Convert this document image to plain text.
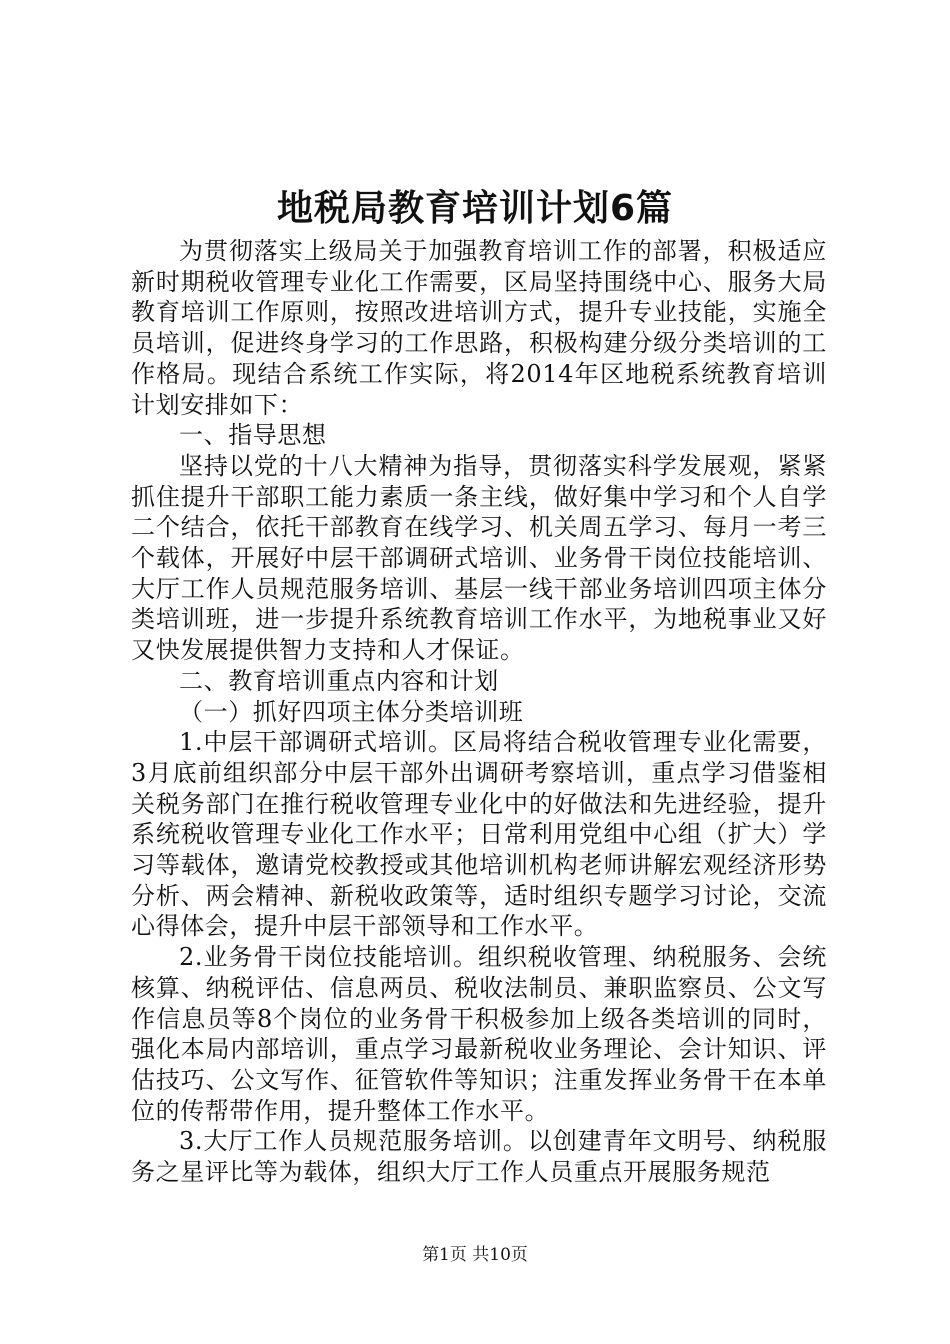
地税局教育培训计划6篇

为贯彻落实上级局关于加强教育培训工作的部署，积极适应新时期税收管理专业化工作需要，区局坚持围绕中心、服务大局教育培训工作原则，按照改进培训方式，提升专业技能，实施全员培训，促进终身学习的工作思路，积极构建分级分类培训的工作格局。现结合系统工作实际，将2014年区地税系统教育培训计划安排如下：

一、指导思想

坚持以党的十八大精神为指导，贯彻落实科学发展观，紧紧抓住提升干部职工能力素质一条主线，做好集中学习和个人自学二个结合，依托干部教育在线学习、机关周五学习、每月一考三个载体，开展好中层干部调研式培训、业务骨干岗位技能培训、大厅工作人员规范服务培训、基层一线干部业务培训四项主体分类培训班，进一步提升系统教育培训工作水平，为地税事业又好又快发展提供智力支持和人才保证。

二、教育培训重点内容和计划

（一）抓好四项主体分类培训班

1.中层干部调研式培训。区局将结合税收管理专业化需要，3月底前组织部分中层干部外出调研考察培训，重点学习借鉴相关税务部门在推行税收管理专业化中的好做法和先进经验，提升系统税收管理专业化工作水平；日常利用党组中心组（扩大）学习等载体，邀请党校教授或其他培训机构老师讲解宏观经济形势分析、两会精神、新税收政策等，适时组织专题学习讨论，交流心得体会，提升中层干部领导和工作水平。

2.业务骨干岗位技能培训。组织税收管理、纳税服务、会统核算、纳税评估、信息两员、税收法制员、兼职监察员、公文写作信息员等8个岗位的业务骨干积极参加上级各类培训的同时，强化本局内部培训，重点学习最新税收业务理论、会计知识、评估技巧、公文写作、征管软件等知识；注重发挥业务骨干在本单位的传帮带作用，提升整体工作水平。

3.大厅工作人员规范服务培训。以创建青年文明号、纳税服务之星评比等为载体，组织大厅工作人员重点开展服务规范

第1页 共10页
